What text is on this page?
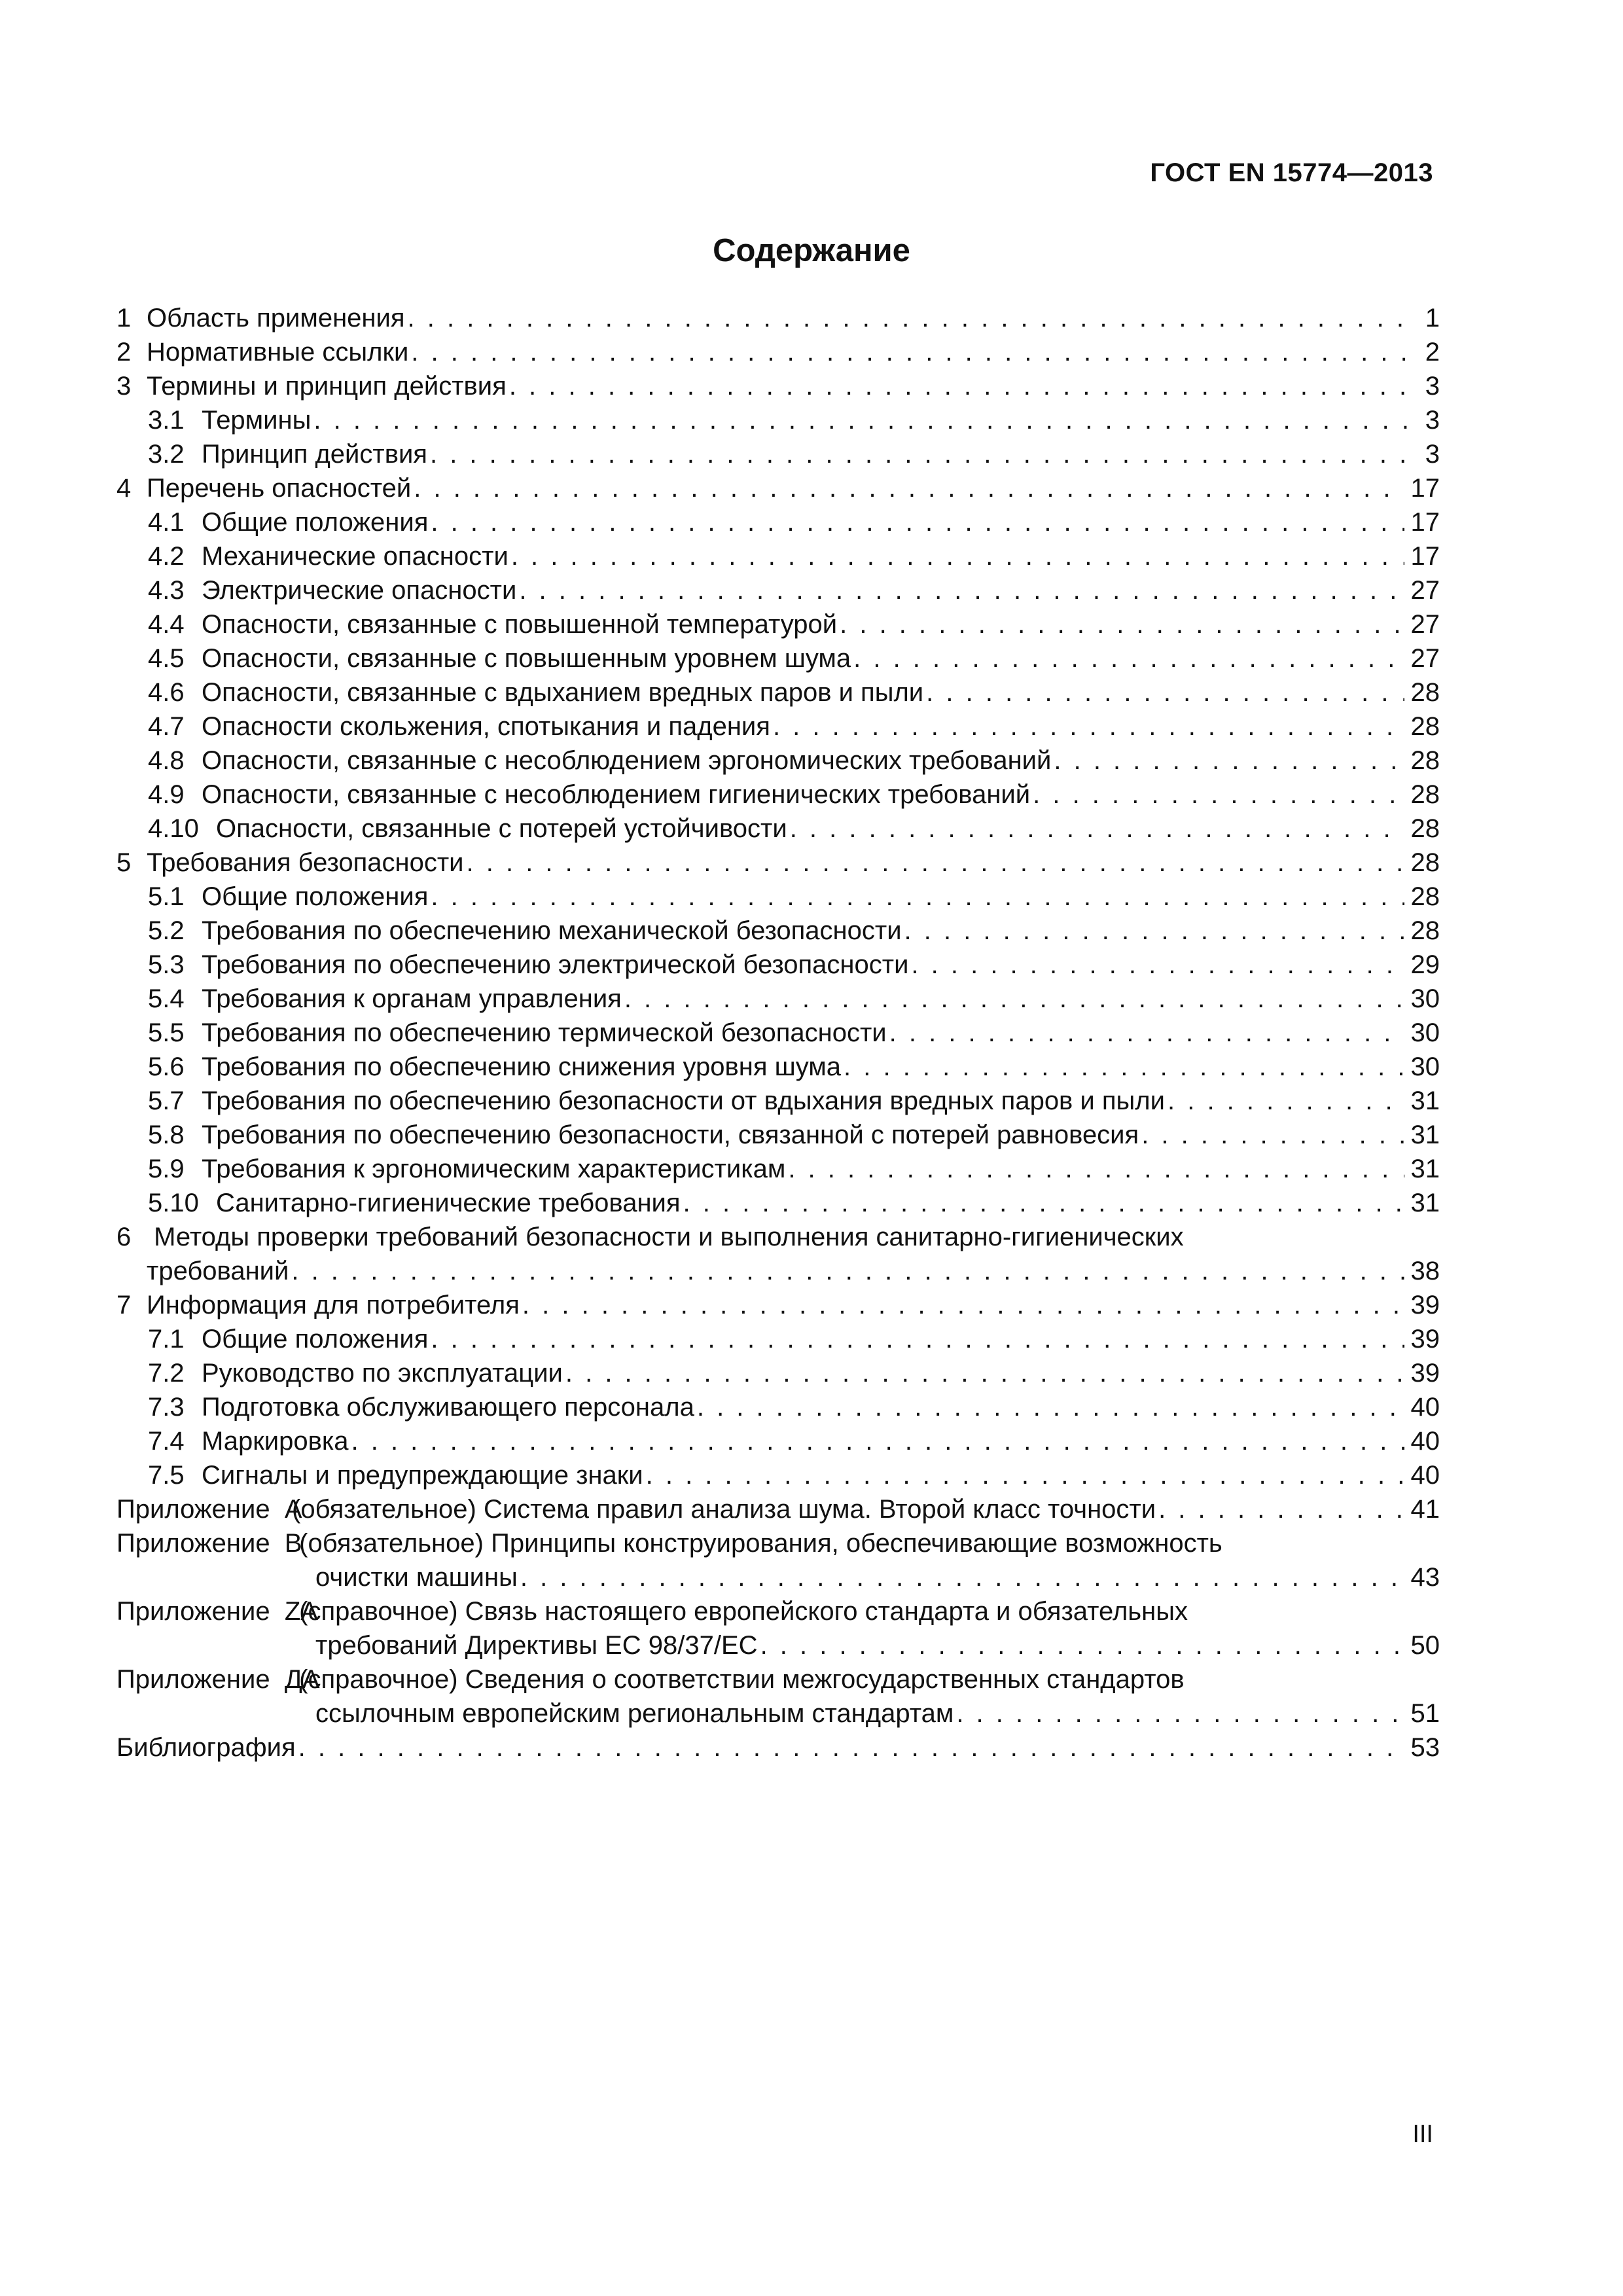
ГОСТ EN 15774—2013
Содержание
1 Область применения . . .	1
2 Нормативные ссылки . . .	2
3 Термины и принцип действия . . .	3
3.1 Термины . . .	3
3.2 Принцип действия . . .	3
4 Перечень опасностей . . .	17
4.1 Общие положения . . .	17
4.2 Механические опасности . . .	17
4.3 Электрические опасности . . .	27
4.4 Опасности, связанные с повышенной температурой . . .	27
4.5 Опасности, связанные с повышенным уровнем шума . . .	27
4.6 Опасности, связанные с вдыханием вредных паров и пыли . . .	28
4.7 Опасности скольжения, спотыкания и падения . . .	28
4.8 Опасности, связанные с несоблюдением эргономических требований . . .	28
4.9 Опасности, связанные с несоблюдением гигиенических требований . . .	28
4.10 Опасности, связанные с потерей устойчивости . . .	28
5 Требования безопасности . . .	28
5.1 Общие положения . . .	28
5.2 Требования по обеспечению механической безопасности . . .	28
5.3 Требования по обеспечению электрической безопасности . . .	29
5.4 Требования к органам управления . . .	30
5.5 Требования по обеспечению термической безопасности . . .	30
5.6 Требования по обеспечению снижения уровня шума . . .	30
5.7 Требования по обеспечению безопасности от вдыхания вредных паров и пыли . . .	31
5.8 Требования по обеспечению безопасности, связанной с потерей равновесия . . .	31
5.9 Требования к эргономическим характеристикам . . .	31
5.10 Санитарно-гигиенические требования . . .	31
6 Методы проверки требований безопасности и выполнения санитарно-гигиенических
требований . . .	38
7 Информация для потребителя . . .	39
7.1 Общие положения . . .	39
7.2 Руководство по эксплуатации . . .	39
7.3 Подготовка обслуживающего персонала . . .	40
7.4 Маркировка . . .	40
7.5 Сигналы и предупреждающие знаки . . .	40
Приложение  А
(обязательное) Система правил анализа шума. Второй класс точности . . .	41
Приложение  В (обязательное) Принципы конструирования, обеспечивающие возможность
очистки машины . . .	43
Приложение  ZA (справочное) Связь настоящего европейского стандарта и обязательных
требований Директивы ЕС 98/37/ЕС . . .	50
Приложение  ДА (справочное) Сведения о соответствии межгосударственных стандартов
ссылочным европейским региональным стандартам . . .	51
Библиография . . .	53
III
